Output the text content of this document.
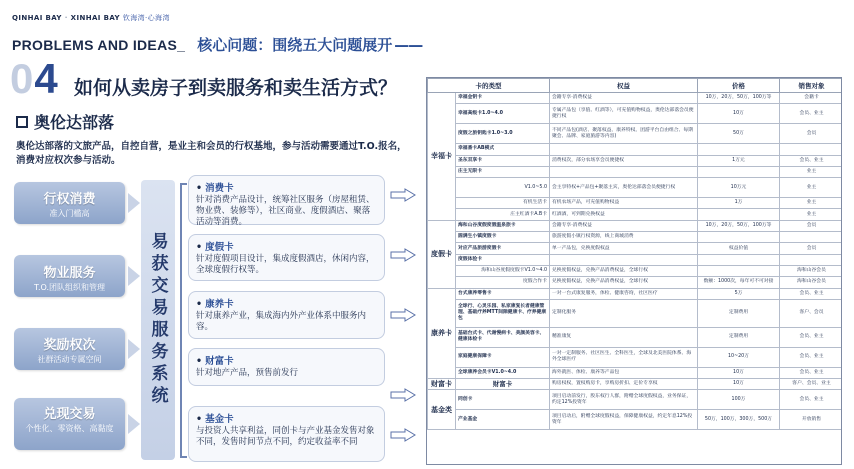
QINHAI BAY · XINHAI BAY 钦海湾·心海湾
PROBLEMS AND IDEAS_ 核心问题：围绕五大问题展开 ——
04 如何从卖房子到卖服务和卖生活方式？
奥伦达部落
奥伦达部落的文旅产品，自控自营，是业主和会员的行权基地，参与活动需要通过T.O.报名，消费对应权次参与活动。
行权消费
准入门槛高
物业服务
T.O.团队组织和管理
奖励权次
社群活动专属空间
兑现交易
个性化、零资格、高黏度
易获交易服务系统
• 消费卡
针对消费产品设计，统筹社区服务（房屋租赁、物业费、装修等），社区商业、度假酒店、聚落活动等消费。
• 度假卡
针对度假项目设计，集成度假酒店，休闲内容，全球度假行权等。
• 康养卡
针对康养产业，集成海内外产业体系中服务内容。
• 财富卡
针对地产产品，预售前发行
• 基金卡
与投资人共享利益，同创卡与产业基金发售对象不同，发售时间节点不同，约定收益率不同
卡的类型		权益	价格	销售对象
幸福卡	幸福金钥卡	会籍专享·消费权益	10万，20万，50万，100万等	会籍卡
	幸福高级卡1.0~4.0	专属产品包（享值、红酒等），可充值购物权益，奥伦达部落会员便捷行权	10万	会员、业主
	度假之旅钥匙卡1.0~3.0	不同产品包(酒店、聚落权益、康养特权、团游平台自由组合、每期聚会、品牌、家庭旅游等内容)	50万	会员
	幸福番卡AB模式			
	圣东双享卡	消费权次，部分农场享会员便捷权	1万元	会员、业主
	庄主无限卡			业主
	V1.0~5.0	会主享特权+产品包+聚落主宾，奥伦达部落会员便捷行权	10万元	业主
	有机生活卡	有机农场产品，可充值购物权益	1万	业主
	庄主红酒卡A.B卡	红酒酒，可到期兑换权益		业主
度假卡	海和山谷度假度假温泉旅卡	会籍专享·消费权益	10万，20万，50万，100万等	会员
	圆满生小镇度假卡	旅游度假小镇行权资源，线上商城消费		
	对应产品旅游度假卡	单一产品包，兑换度假权益	权益价值	会员
	度假体验卡			
	海和山谷度假度假卡V1.0~4.0	兑换度假权益，兑换产品消费权益，全球行权		海和山谷会员
	度假合作卡	兑换度假权益，兑换产品消费权益，全球行权	数额：1000次，每年可不可对接	海和山谷会员
康养卡	台式康养零售卡	一对一台式康复服务，体检、健康咨询，社区医疗	5万	会员、业主
	全球行、心灵乐园、私家康复长者健康管理、基础疗养MTT间隙健康卡、疗养健康包	定制化服务	定制费用	客户、会员
	基础台式卡、代谢慢病卡、美颜美容卡、健康体检卡	精准康复	定制费用	会员、业主
	家庭健康保障卡	一对一定制服务、社区医生、全科医生，全球及北美医院体系、海外全球医疗	10~20万	会员、业主
	全球康养会员卡V1.0~4.0	海外就医、体检、康养等产品包	10万	会员、业主
财富卡	财富卡	购房权权，置权购房卡，享购房折扣、定价专享权	10万	客户、会员、业主
基金类	同创卡	项目启动前发行，股东权行人群，附赠全球度假权益，业务保证，约定12%投资年	100万	会员、业主
	产业基金	项目启动后，附赠全球度假权益，保障健康权益，约定年息12%投资年	50万，100万，300万，500万	开放销售
